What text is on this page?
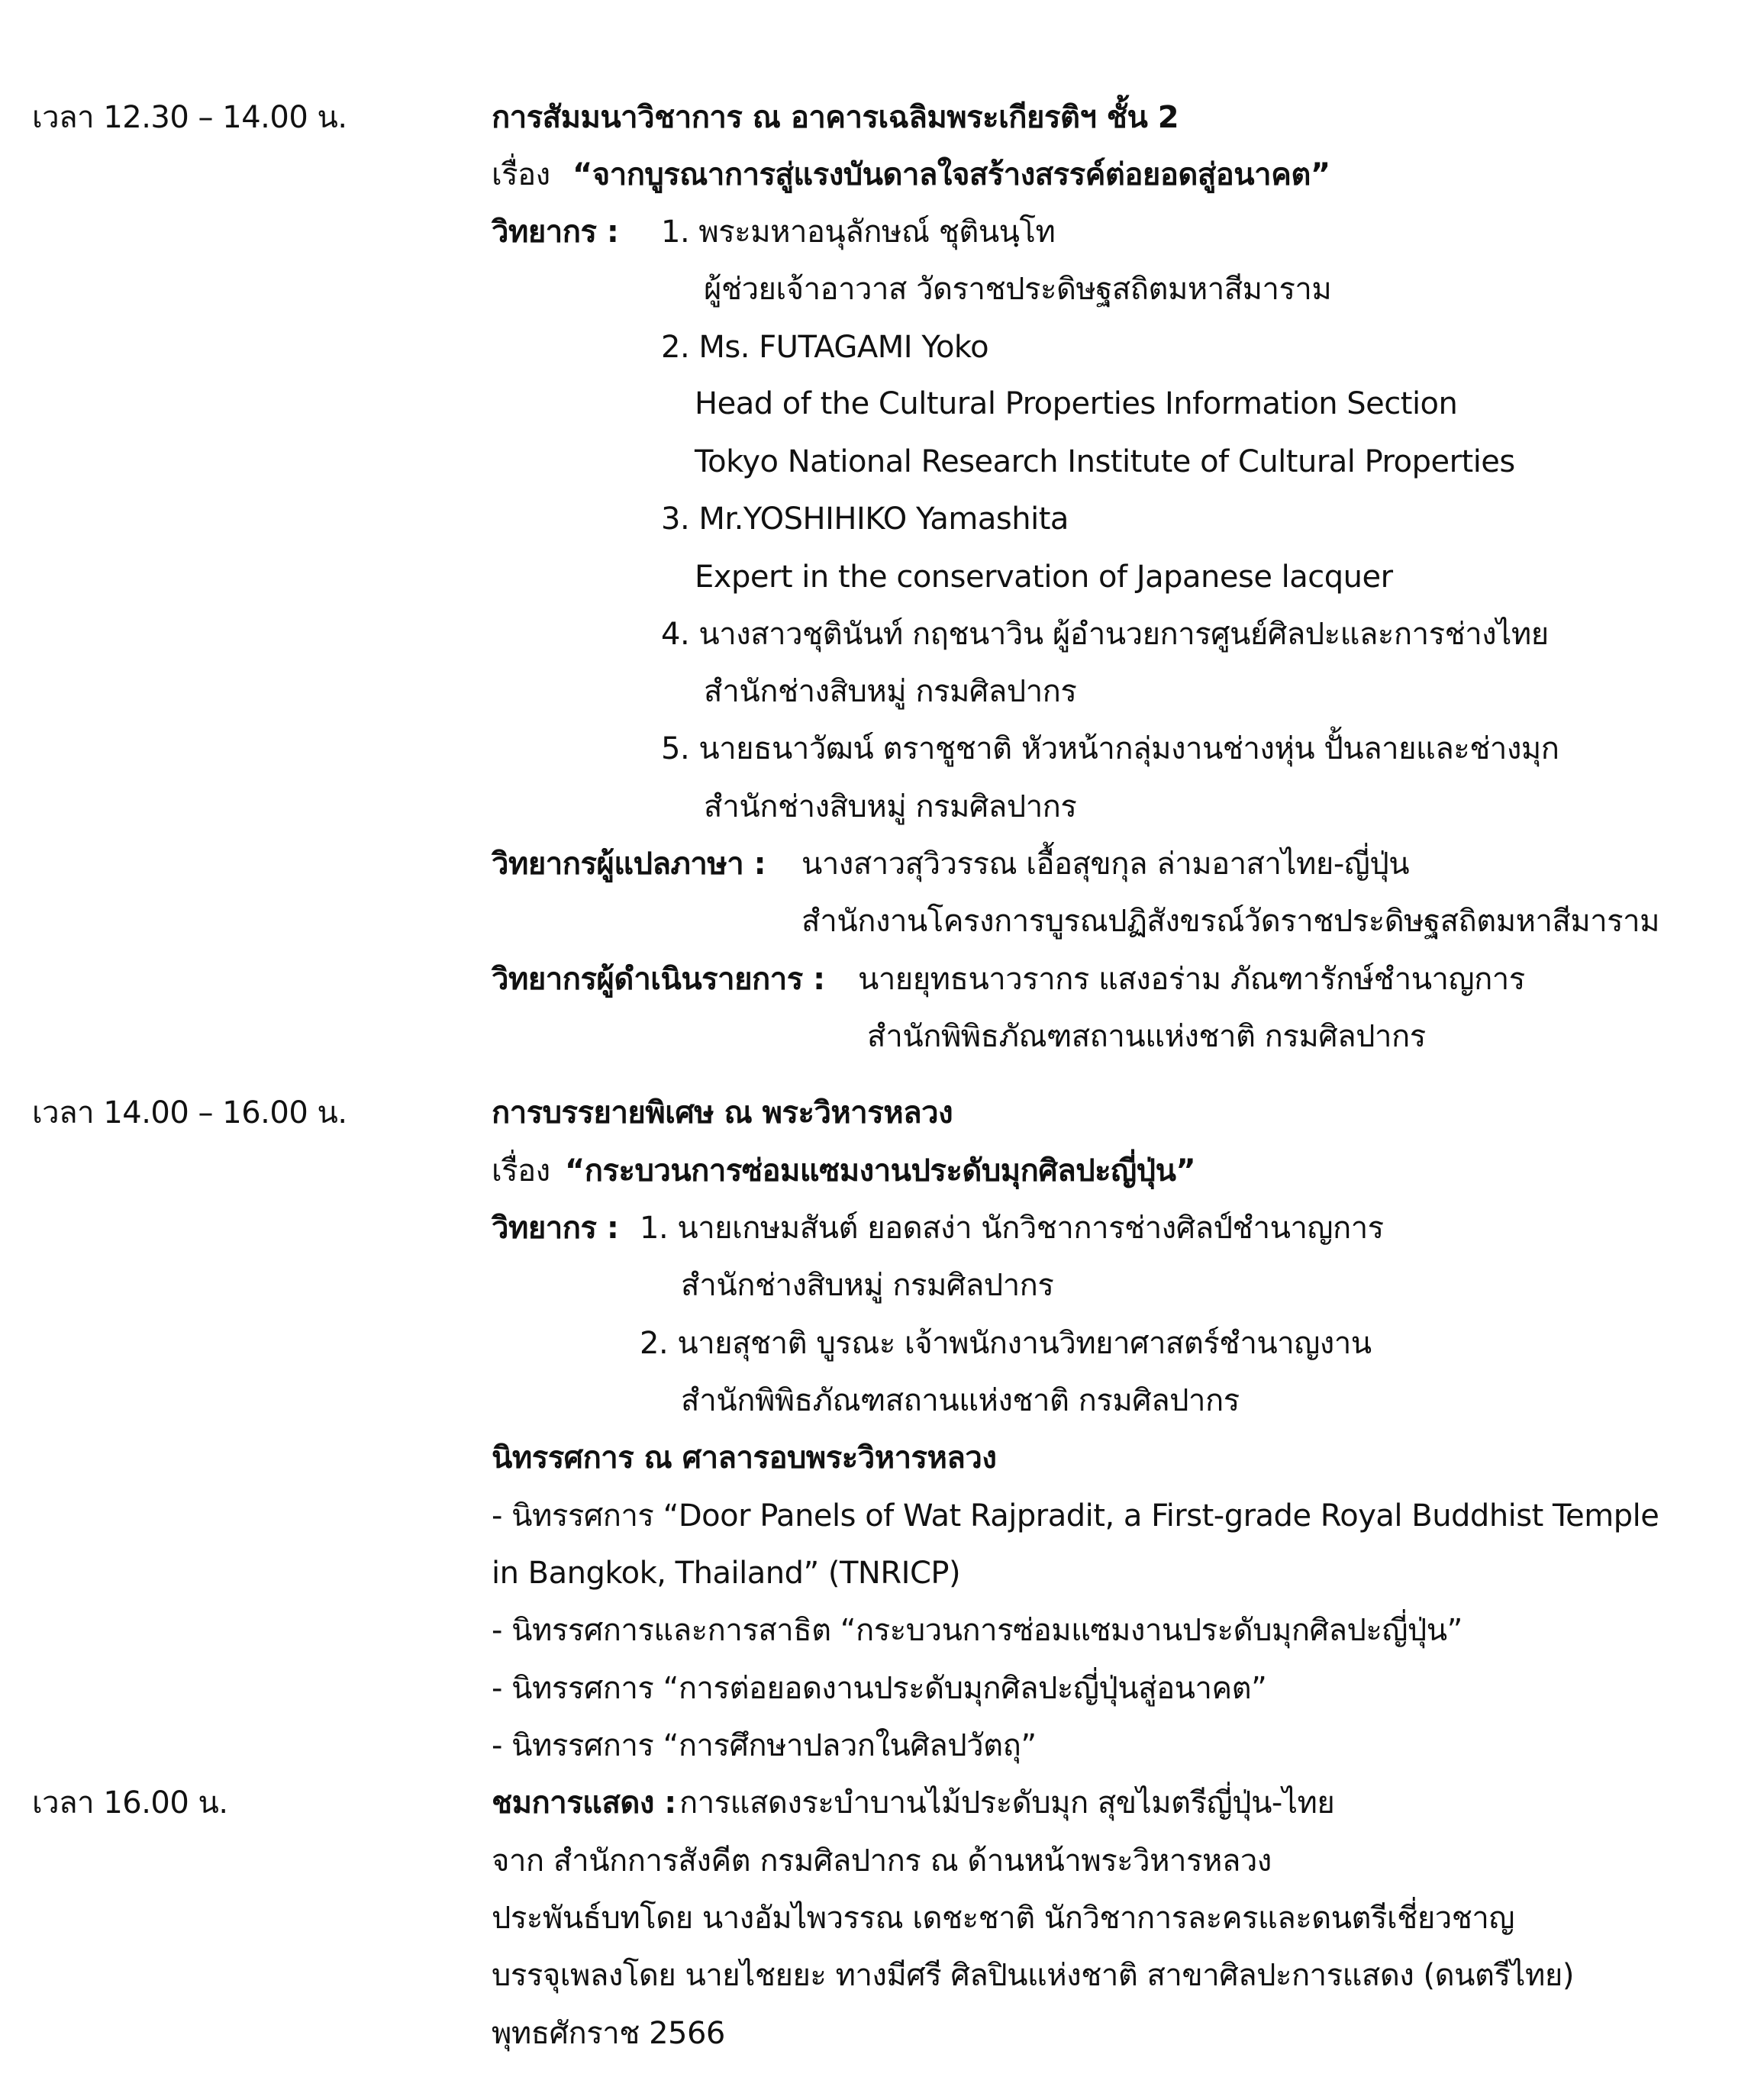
เวลา 12.30 – 14.00 น.	การสัมมนาวิชาการ ณ อาคารเฉลิมพระเกียรติฯ ชั้น 2
เรื่อง “จากบูรณาการสู่แรงบันดาลใจสร้างสรรค์ต่อยอดสู่อนาคต”
วิทยากร : 1. พระมหาอนุลักษณ์ ชุตินนฺโท
ผู้ช่วยเจ้าอาวาส วัดราชประดิษฐสถิตมหาสีมาราม
2. Ms. FUTAGAMI Yoko
Head of the Cultural Properties Information Section
Tokyo National Research Institute of Cultural Properties
3. Mr.YOSHIHIKO Yamashita
Expert in the conservation of Japanese lacquer
4. นางสาวชุตินันท์ กฤชนาวิน ผู้อำนวยการศูนย์ศิลปะและการช่างไทย
สำนักช่างสิบหมู่ กรมศิลปากร
5. นายธนาวัฒน์ ตราชูชาติ หัวหน้ากลุ่มงานช่างหุ่น ปั้นลายและช่างมุก
สำนักช่างสิบหมู่ กรมศิลปากร
วิทยากรผู้แปลภาษา : นางสาวสุวิวรรณ เอื้อสุขกุล ล่ามอาสาไทย-ญี่ปุ่น
สำนักงานโครงการบูรณปฏิสังขรณ์วัดราชประดิษฐสถิตมหาสีมาราม
วิทยากรผู้ดำเนินรายการ : นายยุทธนาวรากร แสงอร่าม ภัณฑารักษ์ชำนาญการ
สำนักพิพิธภัณฑสถานแห่งชาติ กรมศิลปากร
เวลา 14.00 – 16.00 น.	การบรรยายพิเศษ ณ พระวิหารหลวง
เรื่อง “กระบวนการซ่อมแซมงานประดับมุกศิลปะญี่ปุ่น”
วิทยากร : 1. นายเกษมสันต์ ยอดสง่า นักวิชาการช่างศิลป์ชำนาญการ
สำนักช่างสิบหมู่ กรมศิลปากร
2. นายสุชาติ บูรณะ เจ้าพนักงานวิทยาศาสตร์ชำนาญงาน
สำนักพิพิธภัณฑสถานแห่งชาติ กรมศิลปากร
นิทรรศการ ณ ศาลารอบพระวิหารหลวง
- นิทรรศการ “Door Panels of Wat Rajpradit, a First-grade Royal Buddhist Temple
in Bangkok, Thailand” (TNRICP)
- นิทรรศการและการสาธิต “กระบวนการซ่อมแซมงานประดับมุกศิลปะญี่ปุ่น”
- นิทรรศการ “การต่อยอดงานประดับมุกศิลปะญี่ปุ่นสู่อนาคต”
- นิทรรศการ “การศึกษาปลวกในศิลปวัตถุ”
เวลา 16.00 น.	ชมการแสดง : การแสดงระบำบานไม้ประดับมุก สุขไมตรีญี่ปุ่น-ไทย
จาก สำนักการสังคีต กรมศิลปากร ณ ด้านหน้าพระวิหารหลวง
ประพันธ์บทโดย นางอัมไพวรรณ เดชะชาติ นักวิชาการละครและดนตรีเชี่ยวชาญ
บรรจุเพลงโดย นายไชยยะ ทางมีศรี ศิลปินแห่งชาติ สาขาศิลปะการแสดง (ดนตรีไทย)
พุทธศักราช 2566
